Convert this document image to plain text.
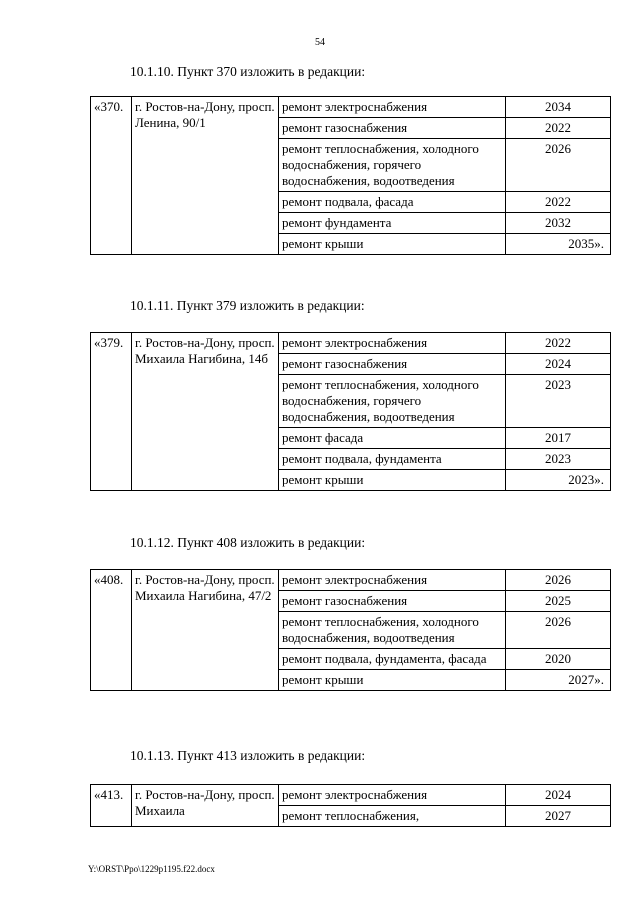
54
10.1.10. Пункт 370 изложить в редакции:
«370.	г. Ростов-на-Дону, просп. Ленина, 90/1	ремонт электроснабжения	2034
		ремонт газоснабжения	2022
		ремонт теплоснабжения, холодного водоснабжения, горячего водоснабжения, водоотведения	2026
		ремонт подвала, фасада	2022
		ремонт фундамента	2032
		ремонт крыши	2035».
10.1.11. Пункт 379 изложить в редакции:
«379.	г. Ростов-на-Дону, просп. Михаила Нагибина, 14б	ремонт электроснабжения	2022
		ремонт газоснабжения	2024
		ремонт теплоснабжения, холодного водоснабжения, горячего водоснабжения, водоотведения	2023
		ремонт фасада	2017
		ремонт подвала, фундамента	2023
		ремонт крыши	2023».
10.1.12. Пункт 408 изложить в редакции:
«408.	г. Ростов-на-Дону, просп. Михаила Нагибина, 47/2	ремонт электроснабжения	2026
		ремонт газоснабжения	2025
		ремонт теплоснабжения, холодного водоснабжения, водоотведения	2026
		ремонт подвала, фундамента, фасада	2020
		ремонт крыши	2027».
10.1.13. Пункт 413 изложить в редакции:
«413.	г. Ростов-на-Дону, просп. Михаила	ремонт электроснабжения	2024
		ремонт теплоснабжения,	2027
Y:\ORST\Ppo\1229p1195.f22.docx
